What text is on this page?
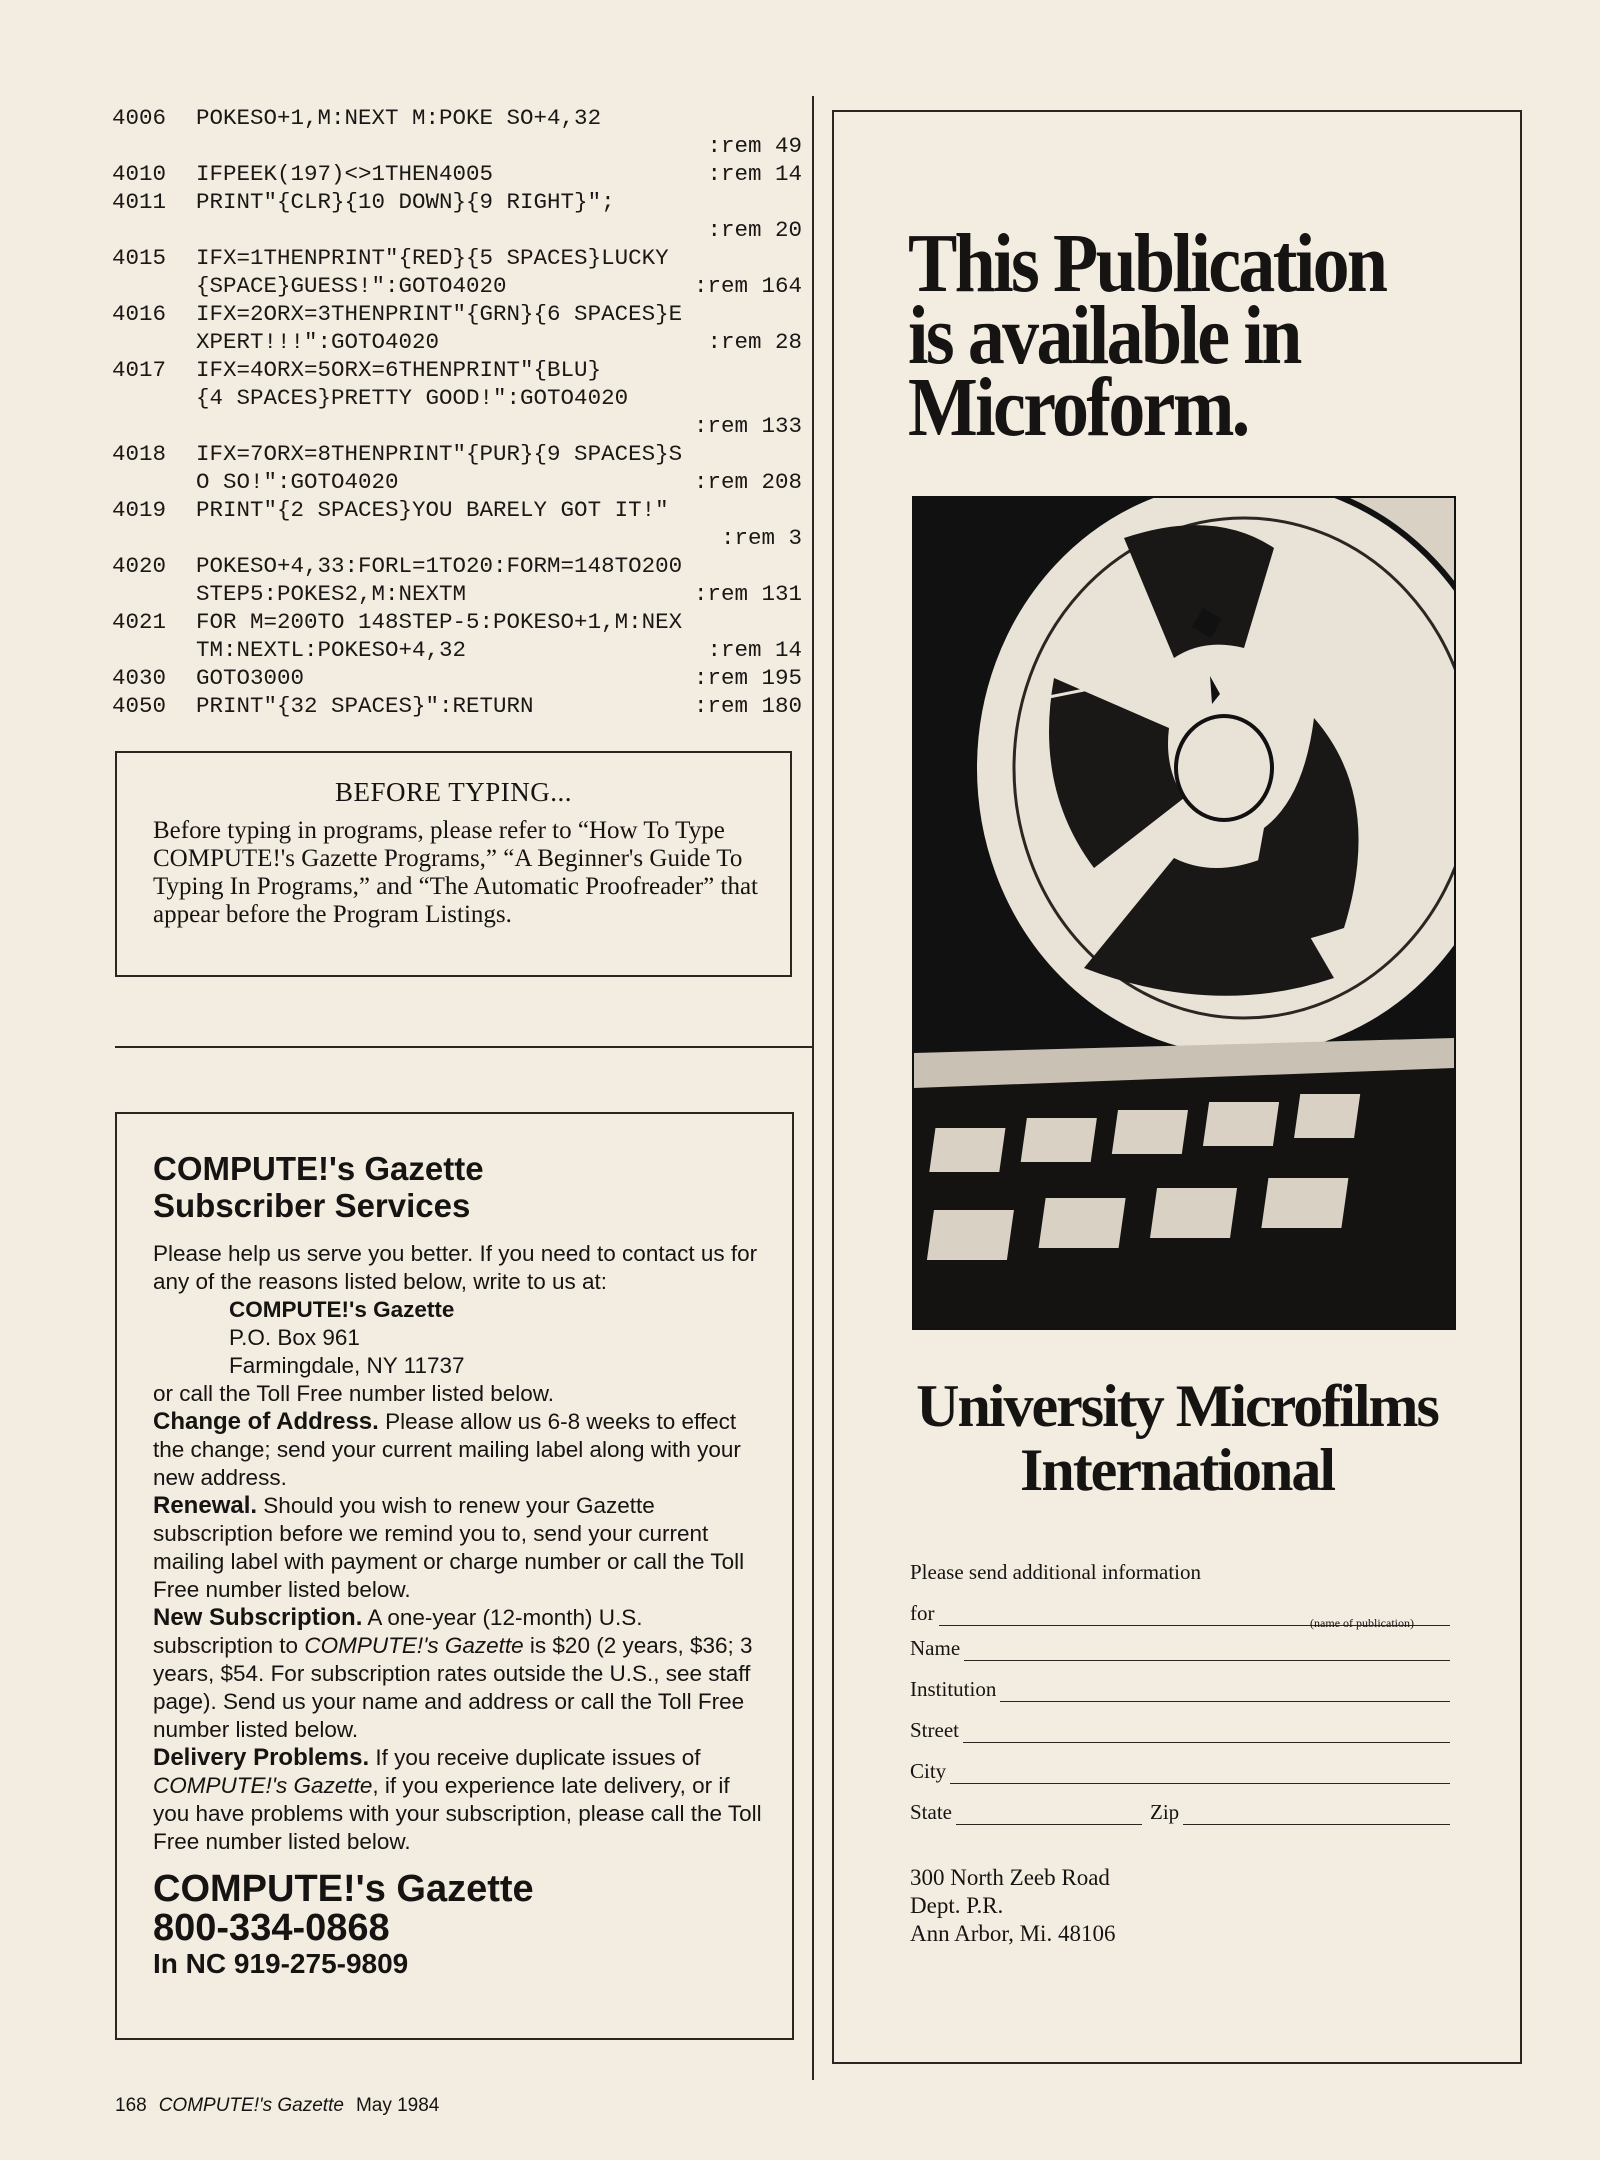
4006	POKESO+1,M:NEXT M:POKE SO+4,32
:rem 49
4010	IFPEEK(197)<>1THEN4005	:rem 14
4011	PRINT"{CLR}{10 DOWN}{9 RIGHT}";
:rem 20
4015	IFX=1THENPRINT"{RED}{5 SPACES}LUCKY
{SPACE}GUESS!":GOTO4020	:rem 164
4016	IFX=2ORX=3THENPRINT"{GRN}{6 SPACES}E
XPERT!!!":GOTO4020	:rem 28
4017	IFX=4ORX=5ORX=6THENPRINT"{BLU}
{4 SPACES}PRETTY GOOD!":GOTO4020
:rem 133
4018	IFX=7ORX=8THENPRINT"{PUR}{9 SPACES}S
O SO!":GOTO4020	:rem 208
4019	PRINT"{2 SPACES}YOU BARELY GOT IT!"
:rem 3
4020	POKESO+4,33:FORL=1TO20:FORM=148TO200
STEP5:POKES2,M:NEXTM	:rem 131
4021	FOR M=200TO 148STEP-5:POKESO+1,M:NEX
TM:NEXTL:POKESO+4,32	:rem 14
4030	GOTO3000	:rem 195
4050	PRINT"{32 SPACES}":RETURN	:rem 180
BEFORE TYPING...
Before typing in programs, please refer to “How To Type COMPUTE!'s Gazette Programs,” “A Beginner's Guide To Typing In Programs,” and “The Automatic Proofreader” that appear before the Program Listings.
COMPUTE!'s Gazette
Subscriber Services

Please help us serve you better. If you need to contact us for any of the reasons listed below, write to us at:

COMPUTE!'s Gazette
P.O. Box 961
Farmingdale, NY 11737

or call the Toll Free number listed below.

Change of Address. Please allow us 6-8 weeks to effect the change; send your current mailing label along with your new address.

Renewal. Should you wish to renew your Gazette subscription before we remind you to, send your current mailing label with payment or charge number or call the Toll Free number listed below.

New Subscription. A one-year (12-month) U.S. subscription to COMPUTE!'s Gazette is $20 (2 years, $36; 3 years, $54. For subscription rates outside the U.S., see staff page). Send us your name and address or call the Toll Free number listed below.

Delivery Problems. If you receive duplicate issues of COMPUTE!'s Gazette, if you experience late delivery, or if you have problems with your subscription, please call the Toll Free number listed below.

COMPUTE!'s Gazette
800-334-0868
In NC 919-275-9809
This Publication
is available in
Microform.
University Microfilms
International
Please send additional information
for	(name of publication)
Name
Institution
Street
City
State	Zip
300 North Zeeb Road
Dept. P.R.
Ann Arbor, Mi. 48106
168 COMPUTE!'s Gazette May 1984
